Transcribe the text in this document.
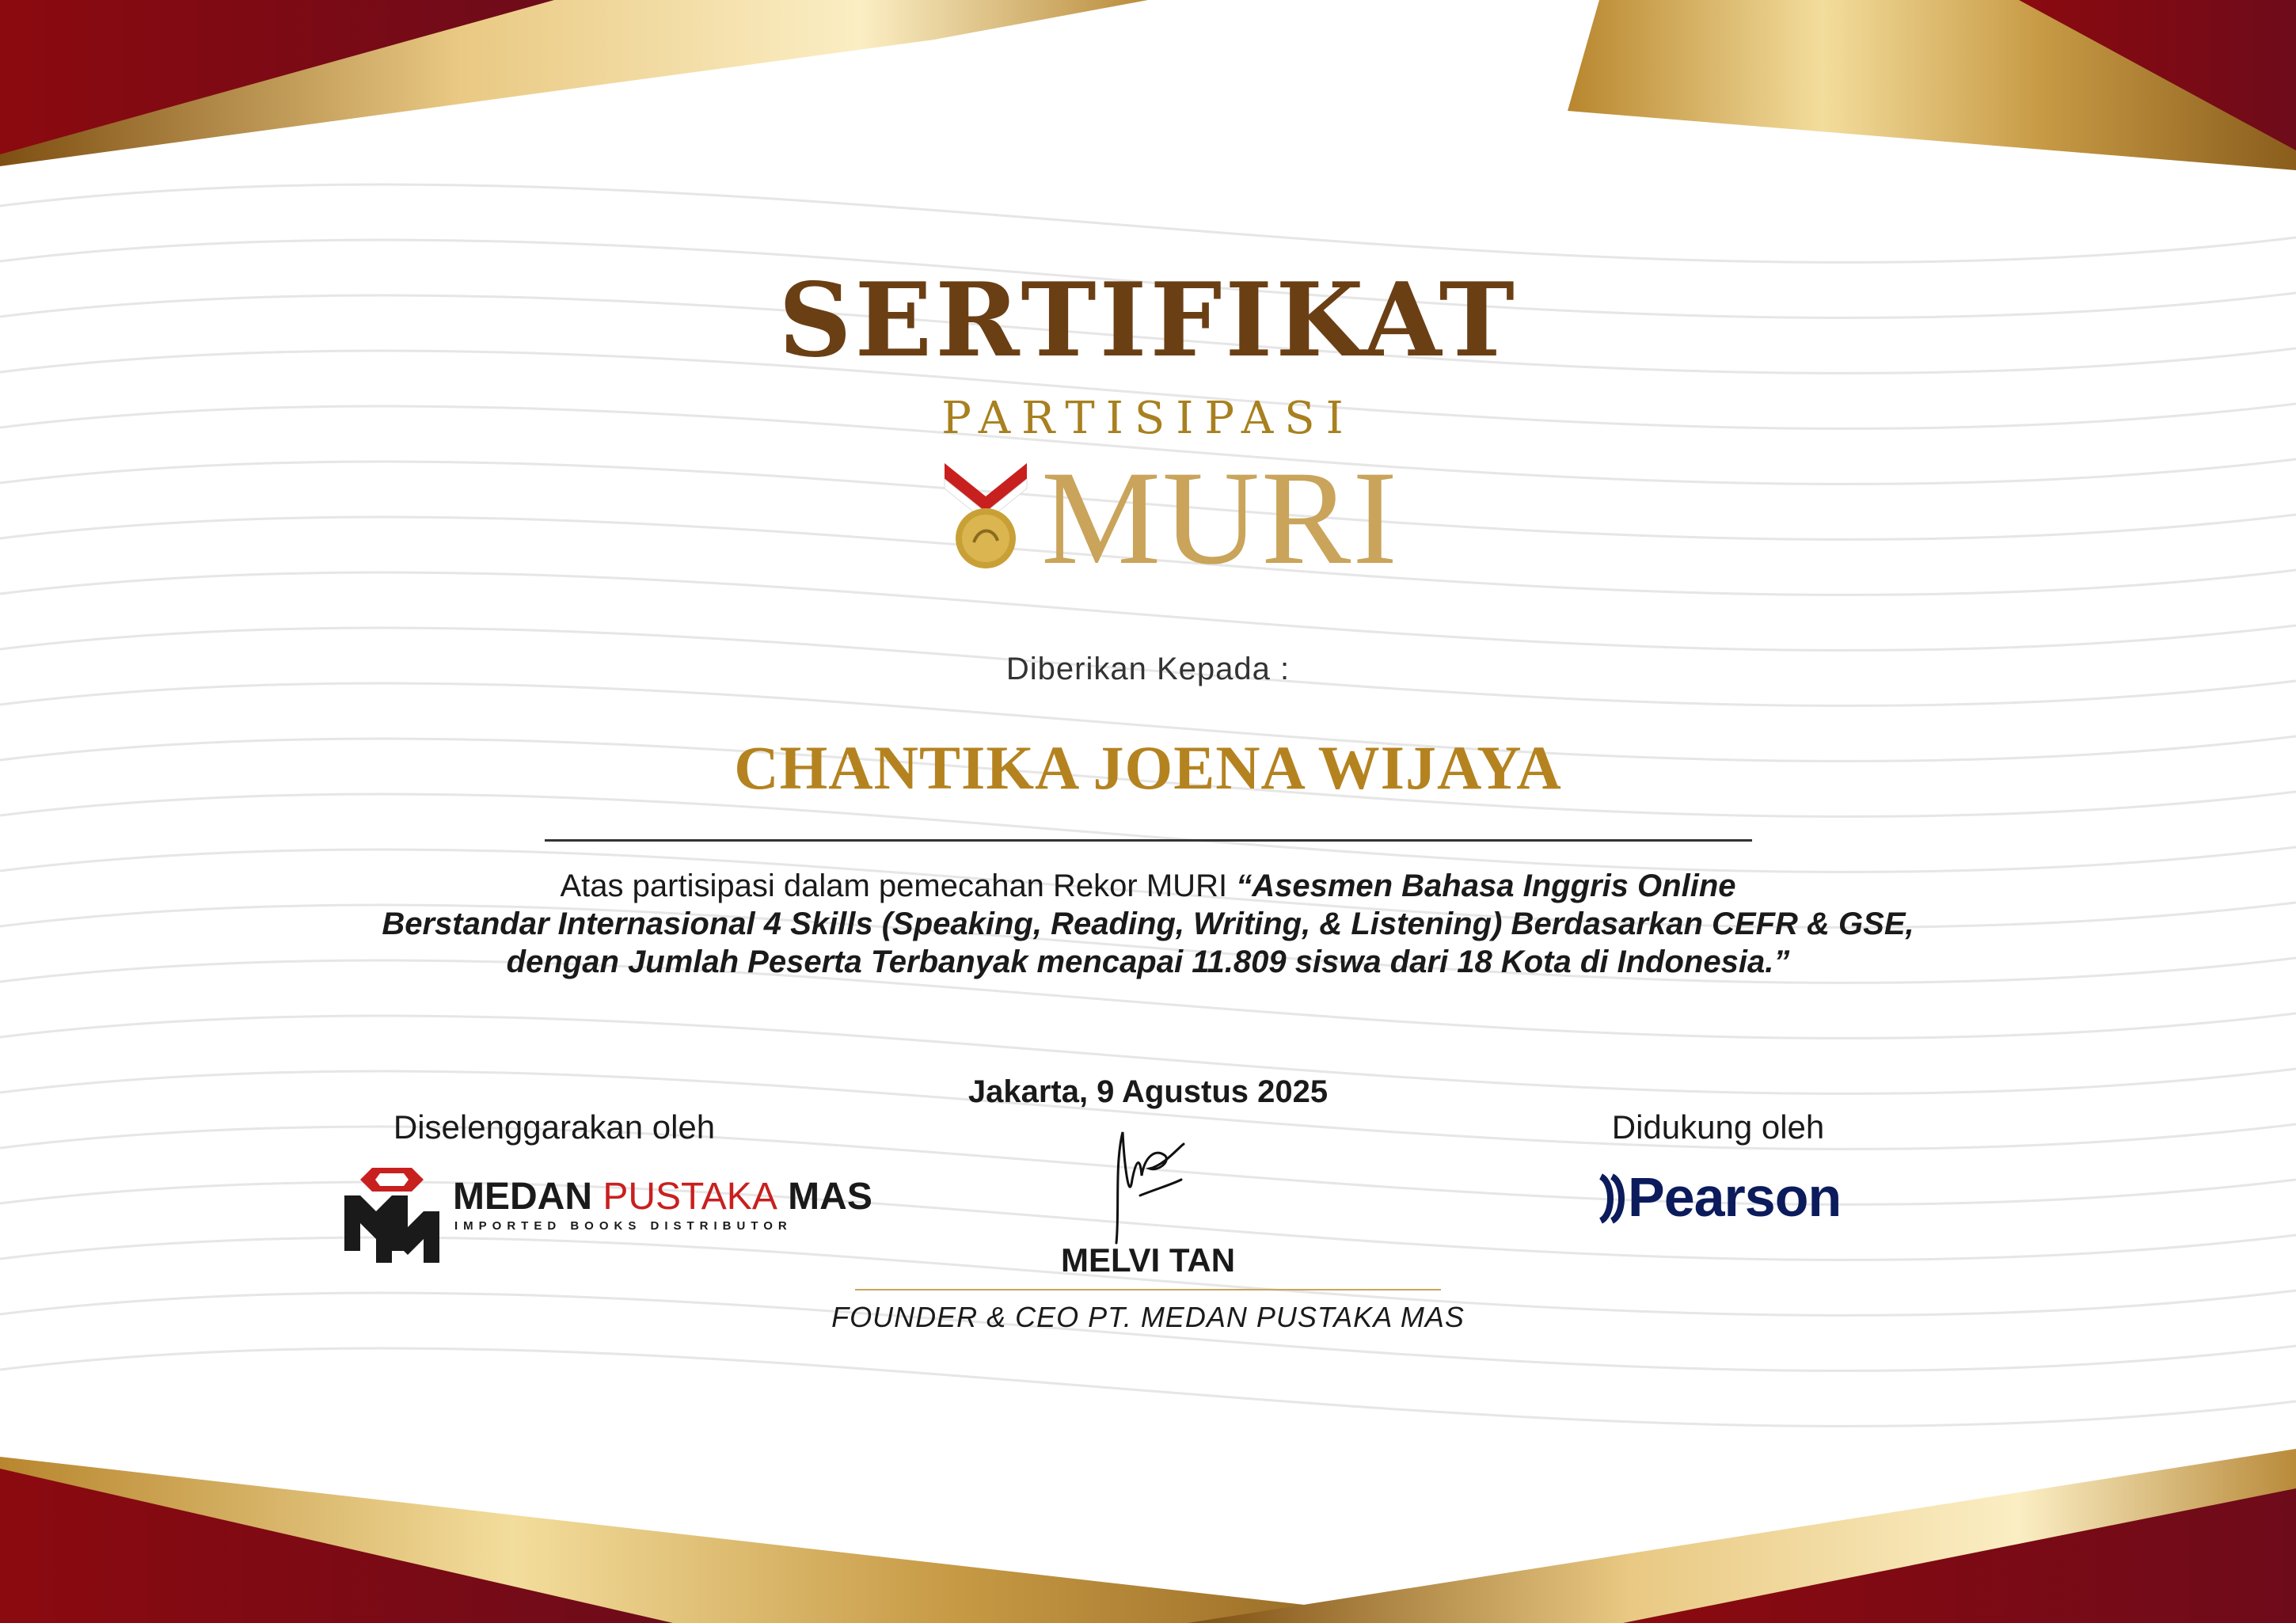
SERTIFIKAT
PARTISIPASI
MURI
Diberikan Kepada :
CHANTIKA JOENA WIJAYA
Atas partisipasi dalam pemecahan Rekor MURI “Asesmen Bahasa Inggris Online
Berstandar Internasional 4 Skills (Speaking, Reading, Writing, & Listening) Berdasarkan CEFR & GSE,
dengan Jumlah Peserta Terbanyak mencapai 11.809 siswa dari 18 Kota di Indonesia.”
Jakarta, 9 Agustus 2025
Diselenggarakan oleh
MEDAN PUSTAKA MAS
IMPORTED BOOKS DISTRIBUTOR
MELVI TAN
FOUNDER & CEO PT. MEDAN PUSTAKA MAS
Didukung oleh
Pearson
